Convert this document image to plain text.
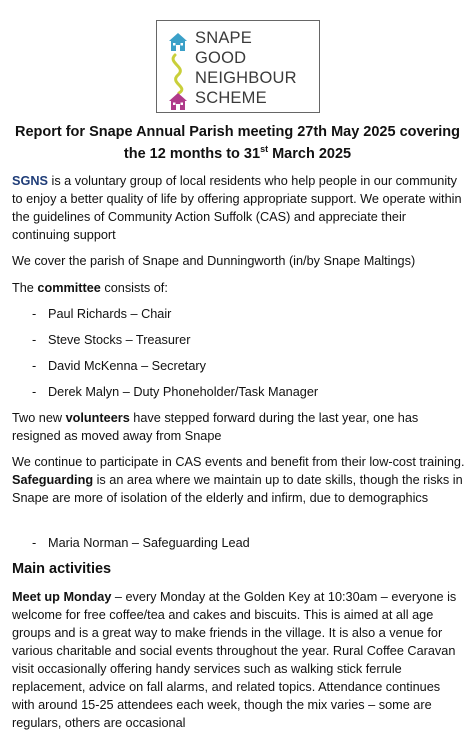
SNAPE
GOOD
NEIGHBOUR
SCHEME
Report for Snape Annual Parish meeting 27th May 2025 covering
the 12 months to 31st March 2025
SGNS is a voluntary group of local residents who help people in our community to enjoy a better quality of life by offering appropriate support. We operate within the guidelines of Community Action Suffolk (CAS) and appreciate their continuing support
We cover the parish of Snape and Dunningworth (in/by Snape Maltings)
The committee consists of:
- Paul Richards – Chair
- Steve Stocks – Treasurer
- David McKenna – Secretary
- Derek Malyn – Duty Phoneholder/Task Manager
Two new volunteers have stepped forward during the last year, one has resigned as moved away from Snape
We continue to participate in CAS events and benefit from their low-cost training. Safeguarding is an area where we maintain up to date skills, though the risks in Snape are more of isolation of the elderly and infirm, due to demographics
- Maria Norman – Safeguarding Lead
Main activities
Meet up Monday – every Monday at the Golden Key at 10:30am – everyone is welcome for free coffee/tea and cakes and biscuits. This is aimed at all age groups and is a great way to make friends in the village. It is also a venue for various charitable and social events throughout the year. Rural Coffee Caravan visit occasionally offering handy services such as walking stick ferrule replacement, advice on fall alarms, and related topics. Attendance continues with around 15-25 attendees each week, though the mix varies – some are regulars, others are occasional
